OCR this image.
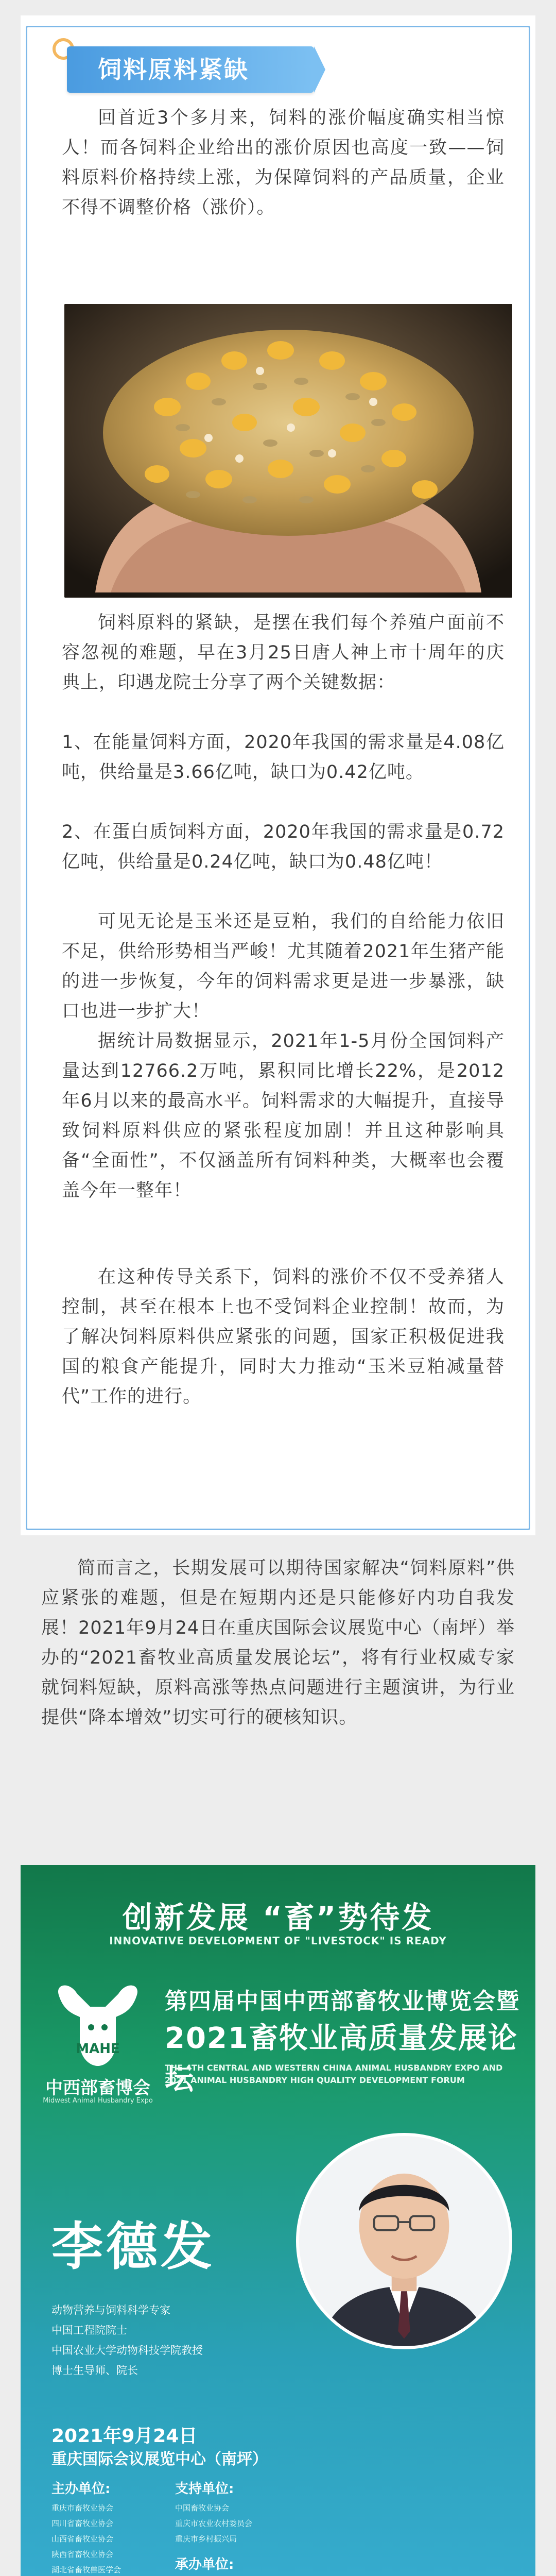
饲料原料紧缺

回首近3个多月来，饲料的涨价幅度确实相当惊人！而各饲料企业给出的涨价原因也高度一致——饲料原料价格持续上涨，为保障饲料的产品质量，企业不得不调整价格（涨价）。

饲料原料的紧缺，是摆在我们每个养殖户面前不容忽视的难题，早在3月25日唐人神上市十周年的庆典上，印遇龙院士分享了两个关键数据：

1、在能量饲料方面，2020年我国的需求量是4.08亿吨，供给量是3.66亿吨，缺口为0.42亿吨。

2、在蛋白质饲料方面，2020年我国的需求量是0.72亿吨，供给量是0.24亿吨，缺口为0.48亿吨！

可见无论是玉米还是豆粕，我们的自给能力依旧不足，供给形势相当严峻！尤其随着2021年生猪产能的进一步恢复，今年的饲料需求更是进一步暴涨，缺口也进一步扩大！

据统计局数据显示，2021年1-5月份全国饲料产量达到12766.2万吨，累积同比增长22%，是2012年6月以来的最高水平。饲料需求的大幅提升，直接导致饲料原料供应的紧张程度加剧！并且这种影响具备“全面性”，不仅涵盖所有饲料种类，大概率也会覆盖今年一整年！

在这种传导关系下，饲料的涨价不仅不受养猪人控制，甚至在根本上也不受饲料企业控制！故而，为了解决饲料原料供应紧张的问题，国家正积极促进我国的粮食产能提升，同时大力推动“玉米豆粕减量替代”工作的进行。

简而言之，长期发展可以期待国家解决“饲料原料”供应紧张的难题，但是在短期内还是只能修好内功自我发展！2021年9月24日在重庆国际会议展览中心（南坪）举办的“2021畜牧业高质量发展论坛”，将有行业权威专家就饲料短缺，原料高涨等热点问题进行主题演讲，为行业提供“降本增效”切实可行的硬核知识。

创新发展 “畜”势待发
INNOVATIVE DEVELOPMENT OF "LIVESTOCK" IS READY
MAHE
中西部畜博会
Midwest Animal Husbandry Expo
第四届中国中西部畜牧业博览会暨
2021畜牧业高质量发展论坛
THE 4TH CENTRAL AND WESTERN CHINA ANIMAL HUSBANDRY EXPO AND
2021 ANIMAL HUSBANDRY HIGH QUALITY DEVELOPMENT FORUM
李德发
动物营养与饲料科学专家
中国工程院院士
中国农业大学动物科技学院教授
博士生导师、院长
2021年9月24日
重庆国际会议展览中心（南坪）
主办单位:
重庆市畜牧业协会
四川省畜牧业协会
山西省畜牧业协会
陕西省畜牧业协会
湖北省畜牧兽医学会
支持单位:
中国畜牧业协会
重庆市农业农村委员会
重庆市乡村振兴局
承办单位:
